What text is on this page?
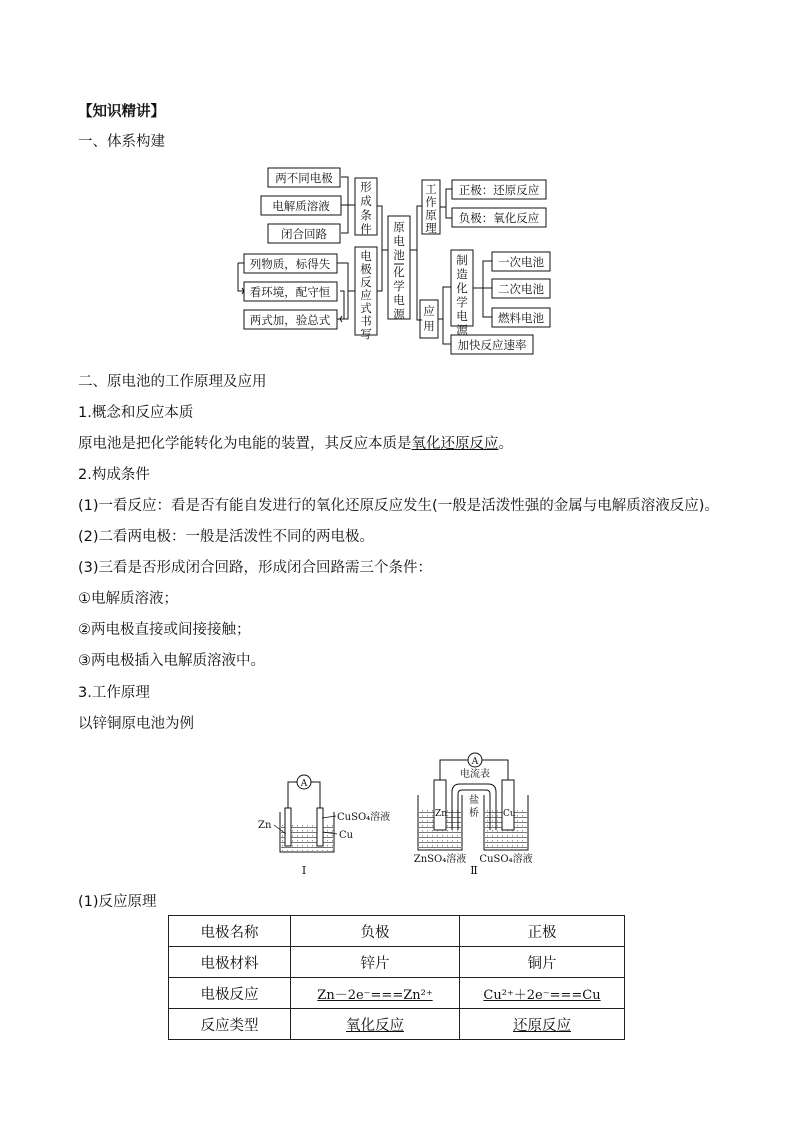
【知识精讲】
一、体系构建
两不同电极
电解质溶液
闭合回路
形
成
条
件
列物质，标得失
看环境，配守恒
两式加，验总式
电
极
反
应
式
书
写
原
电
池
化
学
电
源
工
作
原
理
正极：还原反应
负极：氧化反应
应
用
制
造
化
学
电
源
一次电池
二次电池
燃料电池
加快反应速率
二、原电池的工作原理及应用
1.概念和反应本质
原电池是把化学能转化为电能的装置，其反应本质是氧化还原反应。
2.构成条件
(1)一看反应：看是否有能自发进行的氧化还原反应发生(一般是活泼性强的金属与电解质溶液反应)。
(2)二看两电极：一般是活泼性不同的两电极。
(3)三看是否形成闭合回路，形成闭合回路需三个条件：
①电解质溶液；
②两电极直接或间接接触；
③两电极插入电解质溶液中。
3.工作原理
以锌铜原电池为例
A
Zn
CuSO₄溶液
Cu
Ⅰ
A
电流表
Zn	Cu
盐
桥
ZnSO₄溶液 CuSO₄溶液
Ⅱ
(1)反应原理
电极名称	负极	正极
电极材料	锌片	铜片
电极反应	Zn－2e⁻===Zn²⁺	Cu²⁺＋2e⁻===Cu
反应类型	氧化反应	还原反应
